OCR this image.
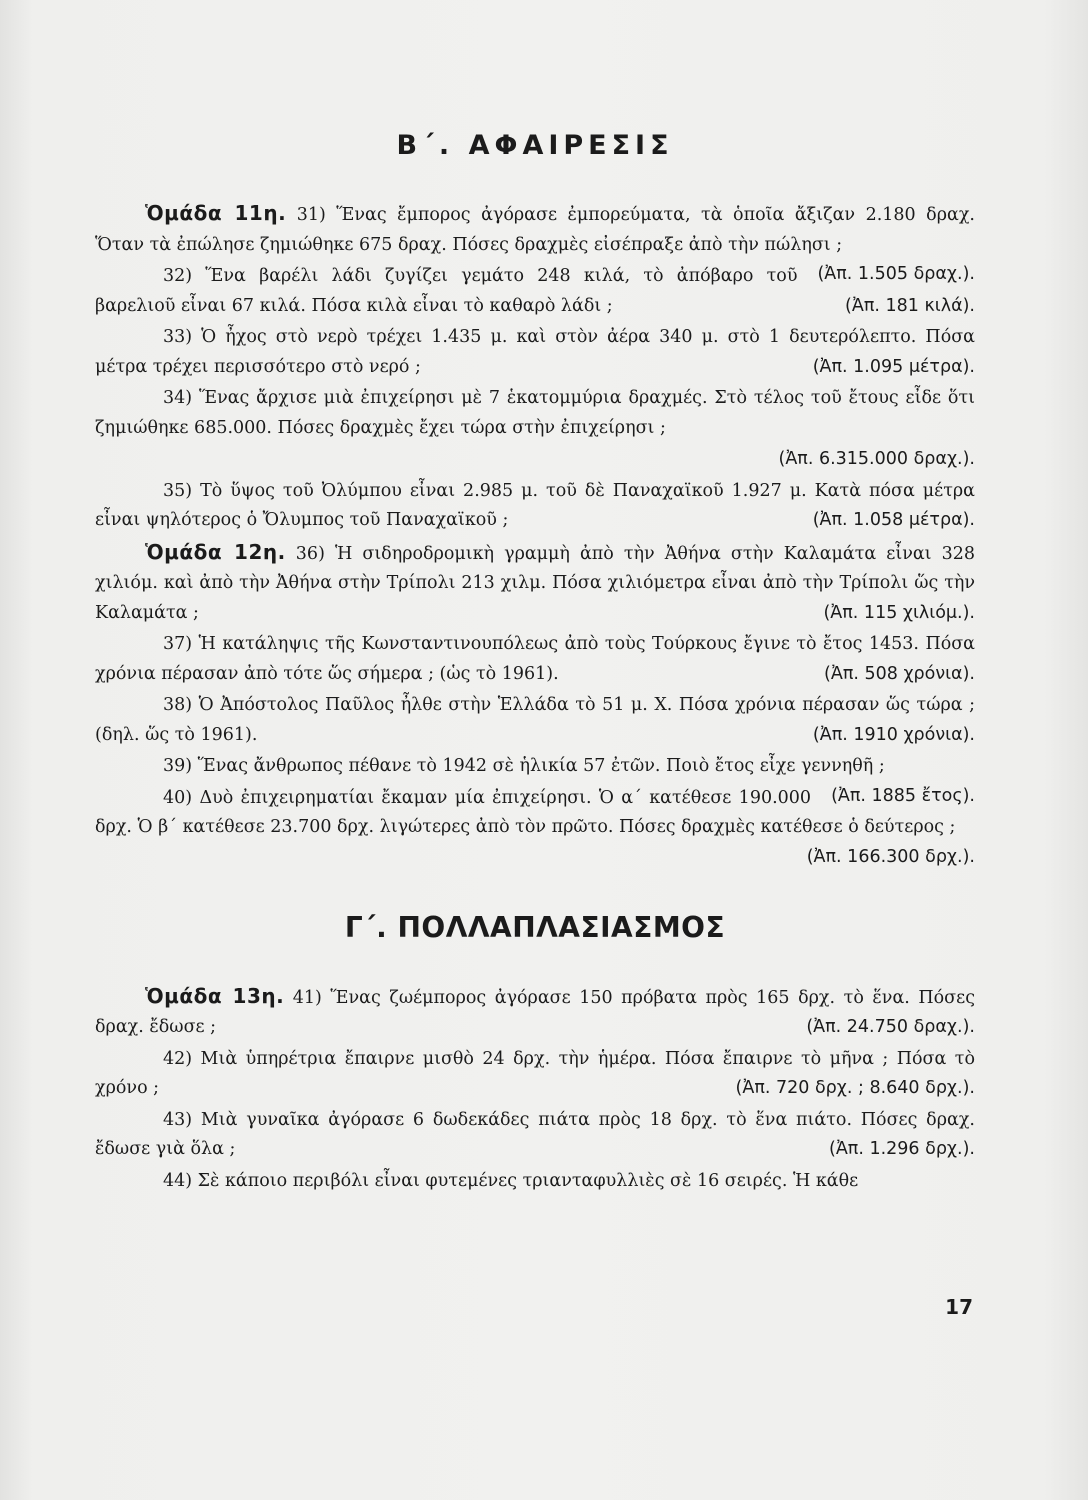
Β΄. ΑΦΑΙΡΕΣΙΣ

Ὁμάδα 11η. 31) Ἕνας ἔμπορος ἀγόρασε ἐμπορεύματα, τὰ ὁποῖα ἄξιζαν 2.180 δραχ. Ὅταν τὰ ἐπώλησε ζημιώθηκε 675 δραχ. Πόσες δραχμὲς εἰσέπραξε ἀπὸ τὴν πώλησι ;
(Ἀπ. 1.505 δραχ.).

32) Ἕνα βαρέλι λάδι ζυγίζει γεμάτο 248 κιλά, τὸ ἀπόβαρο τοῦ βαρελιοῦ εἶναι 67 κιλά. Πόσα κιλὰ εἶναι τὸ καθαρὸ λάδι ;	(Ἀπ. 181 κιλά).

33) Ὁ ἦχος στὸ νερὸ τρέχει 1.435 μ. καὶ στὸν ἀέρα 340 μ. στὸ 1 δευτερόλεπτο. Πόσα μέτρα τρέχει περισσότερο στὸ νερό ;	(Ἀπ. 1.095 μέτρα).

34) Ἕνας ἄρχισε μιὰ ἐπιχείρησι μὲ 7 ἑκατομμύρια δραχμές. Στὸ τέλος τοῦ ἔτους εἶδε ὅτι ζημιώθηκε 685.000. Πόσες δραχμὲς ἔχει τώρα στὴν ἐπιχείρησι ;

(Ἀπ. 6.315.000 δραχ.).

35) Τὸ ὕψος τοῦ Ὀλύμπου εἶναι 2.985 μ. τοῦ δὲ Παναχαϊκοῦ 1.927 μ. Κατὰ πόσα μέτρα εἶναι ψηλότερος ὁ Ὄλυμπος τοῦ Παναχαϊκοῦ ;	(Ἀπ. 1.058 μέτρα).

Ὁμάδα 12η. 36) Ἡ σιδηροδρομικὴ γραμμὴ ἀπὸ τὴν Ἀθήνα στὴν Καλαμάτα εἶναι 328 χιλιόμ. καὶ ἀπὸ τὴν Ἀθήνα στὴν Τρίπολι 213 χιλμ. Πόσα χιλιόμετρα εἶναι ἀπὸ τὴν Τρίπολι ὥς τὴν Καλαμάτα ;	(Ἀπ. 115 χιλιόμ.).

37) Ἡ κατάληψις τῆς Κωνσταντινουπόλεως ἀπὸ τοὺς Τούρκους ἔγινε τὸ ἔτος 1453. Πόσα χρόνια πέρασαν ἀπὸ τότε ὥς σήμερα ; (ὡς τὸ 1961).	(Ἀπ. 508 χρόνια).

38) Ὁ Ἀπόστολος Παῦλος ἦλθε στὴν Ἑλλάδα τὸ 51 μ. Χ. Πόσα χρόνια πέρασαν ὥς τώρα ; (δηλ. ὥς τὸ 1961).	(Ἀπ. 1910 χρόνια).

39) Ἕνας ἄνθρωπος πέθανε τὸ 1942 σὲ ἡλικία 57 ἐτῶν. Ποιὸ ἔτος εἶχε γεννηθῆ ;
(Ἀπ. 1885 ἔτος).

40) Δυὸ ἐπιχειρηματίαι ἔκαμαν μία ἐπιχείρησι. Ὁ α΄ κατέθεσε 190.000 δρχ. Ὁ β΄ κατέθεσε 23.700 δρχ. λιγώτερες ἀπὸ τὸν πρῶτο. Πόσες δραχμὲς κατέθεσε ὁ δεύτερος ;
(Ἀπ. 166.300 δρχ.).

Γ΄. ΠΟΛΛΑΠΛΑΣΙΑΣΜΟΣ

Ὁμάδα 13η. 41) Ἕνας ζωέμπορος ἀγόρασε 150 πρόβατα πρὸς 165 δρχ. τὸ ἕνα. Πόσες δραχ. ἔδωσε ;	(Ἀπ. 24.750 δραχ.).

42) Μιὰ ὑπηρέτρια ἔπαιρνε μισθὸ 24 δρχ. τὴν ἡμέρα. Πόσα ἔπαιρνε τὸ μῆνα ; Πόσα τὸ χρόνο ;	(Ἀπ. 720 δρχ. ; 8.640 δρχ.).

43) Μιὰ γυναῖκα ἀγόρασε 6 δωδεκάδες πιάτα πρὸς 18 δρχ. τὸ ἕνα πιάτο. Πόσες δραχ. ἔδωσε γιὰ ὅλα ;	(Ἀπ. 1.296 δρχ.).

44) Σὲ κάποιο περιβόλι εἶναι φυτεμένες τριανταφυλλιὲς σὲ 16 σειρές. Ἡ κάθε

17
